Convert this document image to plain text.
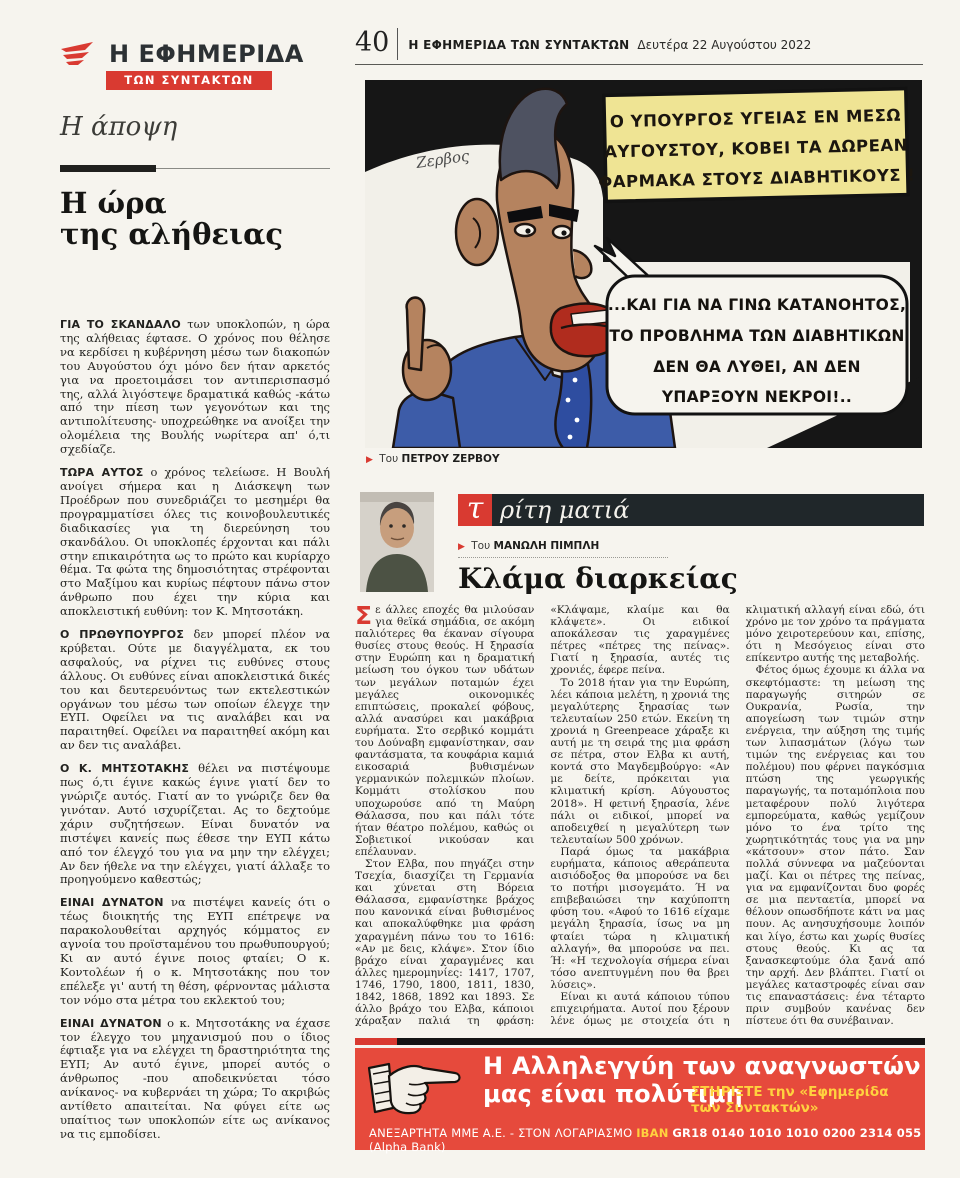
Η ΕΦΗΜΕΡΙΔΑ
ΤΩΝ ΣΥΝΤΑΚΤΩΝ
40 Η ΕΦΗΜΕΡΙΔΑ ΤΩΝ ΣΥΝΤΑΚΤΩΝ Δευτέρα 22 Αυγούστου 2022
Η άποψη
Η ώρα
της αλήθειας

ΓΙΑ ΤΟ ΣΚΑΝΔΑΛΟ των υποκλοπών, η ώρα της αλήθειας έφτασε. Ο χρόνος που θέλησε να κερδίσει η κυβέρνηση μέσω των διακοπών του Αυγούστου όχι μόνο δεν ήταν αρκετός για να προετοιμάσει τον αντιπερισπασμό της, αλλά λιγόστεψε δραματικά καθώς -κάτω από την πίεση των γεγονότων και της αντιπολίτευσης- υποχρεώθηκε να ανοίξει την ολομέλεια της Βουλής νωρίτερα απ' ό,τι σχεδίαζε.

ΤΩΡΑ ΑΥΤΟΣ ο χρόνος τελείωσε. Η Βουλή ανοίγει σήμερα και η Διάσκεψη των Προέδρων που συνεδριάζει το μεσημέρι θα προγραμματίσει όλες τις κοινοβουλευτικές διαδικασίες για τη διερεύνηση του σκανδάλου. Οι υποκλοπές έρχονται και πάλι στην επικαιρότητα ως το πρώτο και κυρίαρχο θέμα. Τα φώτα της δημοσιότητας στρέφονται στο Μαξίμου και κυρίως πέφτουν πάνω στον άνθρωπο που έχει την κύρια και αποκλειστική ευθύνη: τον Κ. Μητσοτάκη.

Ο ΠΡΩΘΥΠΟΥΡΓΟΣ δεν μπορεί πλέον να κρύβεται. Ούτε με διαγγέλματα, εκ του ασφαλούς, να ρίχνει τις ευθύνες στους άλλους. Οι ευθύνες είναι αποκλειστικά δικές του και δευτερευόντως των εκτελεστικών οργάνων του μέσω των οποίων έλεγχε την ΕΥΠ. Οφείλει να τις αναλάβει και να παραιτηθεί. Οφείλει να παραιτηθεί ακόμη και αν δεν τις αναλάβει.

Ο Κ. ΜΗΤΣΟΤΑΚΗΣ θέλει να πιστέψουμε πως ό,τι έγινε κακώς έγινε γιατί δεν το γνώριζε αυτός. Γιατί αν το γνώριζε δεν θα γινόταν. Αυτό ισχυρίζεται. Ας το δεχτούμε χάριν συζητήσεων. Είναι δυνατόν να πιστέψει κανείς πως έθεσε την ΕΥΠ κάτω από τον έλεγχό του για να μην την ελέγχει; Αν δεν ήθελε να την ελέγχει, γιατί άλλαξε το προηγούμενο καθεστώς;

ΕΙΝΑΙ ΔΥΝΑΤΟΝ να πιστέψει κανείς ότι ο τέως διοικητής της ΕΥΠ επέτρεψε να παρακολουθείται αρχηγός κόμματος εν αγνοία του προϊσταμένου του πρωθυπουργού; Κι αν αυτό έγινε ποιος φταίει; Ο κ. Κοντολέων ή ο κ. Μητσοτάκης που τον επέλεξε γι' αυτή τη θέση, φέρνοντας μάλιστα τον νόμο στα μέτρα του εκλεκτού του;

ΕΙΝΑΙ ΔΥΝΑΤΟΝ ο κ. Μητσοτάκης να έχασε τον έλεγχο του μηχανισμού που ο ίδιος έφτιαξε για να ελέγχει τη δραστηριότητα της ΕΥΠ; Αν αυτό έγινε, μπορεί αυτός ο άνθρωπος -που αποδεικνύεται τόσο ανίκανος- να κυβερνάει τη χώρα; Το ακριβώς αντίθετο απαιτείται. Να φύγει είτε ως υπαίτιος των υποκλοπών είτε ως ανίκανος να τις εμποδίσει.

Ζερβος
Ο ΥΠΟΥΡΓΟΣ ΥΓΕΙΑΣ ΕΝ ΜΕΣΩ
ΑΥΓΟΥΣΤΟΥ, ΚΟΒΕΙ ΤΑ ΔΩΡΕΑΝ
ΦΑΡΜΑΚΑ ΣΤΟΥΣ ΔΙΑΒΗΤΙΚΟΥΣ !
...ΚΑΙ ΓΙΑ ΝΑ ΓΙΝΩ ΚΑΤΑΝΟΗΤΟΣ,
ΤΟ ΠΡΟΒΛΗΜΑ ΤΩΝ ΔΙΑΒΗΤΙΚΩΝ
ΔΕΝ ΘΑ ΛΥΘΕΙ, ΑΝ ΔΕΝ
ΥΠΑΡΞΟΥΝ ΝΕΚΡΟΙ!..
▶ Του ΠΕΤΡΟΥ ΖΕΡΒΟΥ
τ ρίτη ματιά
▶ Του ΜΑΝΩΛΗ ΠΙΜΠΛΗ
Κλάμα διαρκείας

Σε άλλες εποχές θα μιλούσαν για θεϊκά σημάδια, σε ακόμη παλιότερες θα έκαναν σίγουρα θυσίες στους θεούς. Η ξηρασία στην Ευρώπη και η δραματική μείωση του όγκου των υδάτων των μεγάλων ποταμών έχει μεγάλες οικονομικές επιπτώσεις, προκαλεί φόβους, αλλά ανασύρει και μακάβρια ευρήματα. Στο σερβικό κομμάτι του Δούναβη εμφανίστηκαν, σαν φαντάσματα, τα κουφάρια καμιά εικοσαριά βυθισμένων γερμανικών πολεμικών πλοίων. Κομμάτι στολίσκου που υποχωρούσε από τη Μαύρη Θάλασσα, που και πάλι τότε ήταν θέατρο πολέμου, καθώς οι Σοβιετικοί νικούσαν και επέλαυναν.

Στον Ελβα, που πηγάζει στην Τσεχία, διασχίζει τη Γερμανία και χύνεται στη Βόρεια Θάλασσα, εμφανίστηκε βράχος που κανονικά είναι βυθισμένος και αποκαλύφθηκε μια φράση χαραγμένη πάνω του το 1616: «Αν με δεις, κλάψε». Στον ίδιο βράχο είναι χαραγμένες και άλλες ημερομηνίες: 1417, 1707, 1746, 1790, 1800, 1811, 1830, 1842, 1868, 1892 και 1893. Σε άλλο βράχο του Ελβα, κάποιοι χάραξαν παλιά τη φράση: «Κλάψαμε, κλαίμε και θα κλάψετε». Οι ειδικοί αποκάλεσαν τις χαραγμένες πέτρες «πέτρες της πείνας». Γιατί η ξηρασία, αυτές τις χρονιές, έφερε πείνα.

Το 2018 ήταν για την Ευρώπη, λέει κάποια μελέτη, η χρονιά της μεγαλύτερης ξηρασίας των τελευταίων 250 ετών. Εκείνη τη χρονιά η Greenpeace χάραξε κι αυτή με τη σειρά της μια φράση σε πέτρα, στον Ελβα κι αυτή, κοντά στο Μαγδεμβούργο: «Αν με δείτε, πρόκειται για κλιματική κρίση. Αύγουστος 2018». Η φετινή ξηρασία, λένε πάλι οι ειδικοί, μπορεί να αποδειχθεί η μεγαλύτερη των τελευταίων 500 χρόνων.

Παρά όμως τα μακάβρια ευρήματα, κάποιος αθεράπευτα αισιόδοξος θα μπορούσε να δει το ποτήρι μισογεμάτο. Ή να επιβεβαιώσει την καχύποπτη φύση του. «Αφού το 1616 είχαμε μεγάλη ξηρασία, ίσως να μη φταίει τώρα η κλιματική αλλαγή», θα μπορούσε να πει. Ή: «Η τεχνολογία σήμερα είναι τόσο ανεπτυγμένη που θα βρει λύσεις».

Είναι κι αυτά κάποιου τύπου επιχειρήματα. Αυτοί που ξέρουν λένε όμως με στοιχεία ότι η κλιματική αλλαγή είναι εδώ, ότι χρόνο με τον χρόνο τα πράγματα μόνο χειροτερεύουν και, επίσης, ότι η Μεσόγειος είναι στο επίκεντρο αυτής της μεταβολής.

Φέτος όμως έχουμε κι άλλα να σκεφτόμαστε: τη μείωση της παραγωγής σιτηρών σε Ουκρανία, Ρωσία, την απογείωση των τιμών στην ενέργεια, την αύξηση της τιμής των λιπασμάτων (λόγω των τιμών της ενέργειας και του πολέμου) που φέρνει παγκόσμια πτώση της γεωργικής παραγωγής, τα ποταμόπλοια που μεταφέρουν πολύ λιγότερα εμπορεύματα, καθώς γεμίζουν μόνο το ένα τρίτο της χωρητικότητάς τους για να μην «κάτσουν» στον πάτο. Σαν πολλά σύννεφα να μαζεύονται μαζί. Και οι πέτρες της πείνας, για να εμφανίζονται δυο φορές σε μια πενταετία, μπορεί να θέλουν οπωσδήποτε κάτι να μας πουν. Ας ανησυχήσουμε λοιπόν και λίγο, έστω και χωρίς θυσίες στους θεούς. Κι ας τα ξανασκεφτούμε όλα ξανά από την αρχή. Δεν βλάπτει. Γιατί οι μεγάλες καταστροφές είναι σαν τις επαναστάσεις: ένα τέταρτο πριν συμβούν κανένας δεν πίστευε ότι θα συνέβαιναν.

Η Αλληλεγγύη των αναγνωστών
μας είναι πολύτιμη
ΣΤΗΡΙΞΤΕ την «Εφημερίδα
των Συντακτών»
ΑΝΕΞΑΡΤΗΤΑ ΜΜΕ Α.Ε. - ΣΤΟΝ ΛΟΓΑΡΙΑΣΜΟ IBAN GR18 0140 1010 1010 0200 2314 055 (Alpha Bank)
